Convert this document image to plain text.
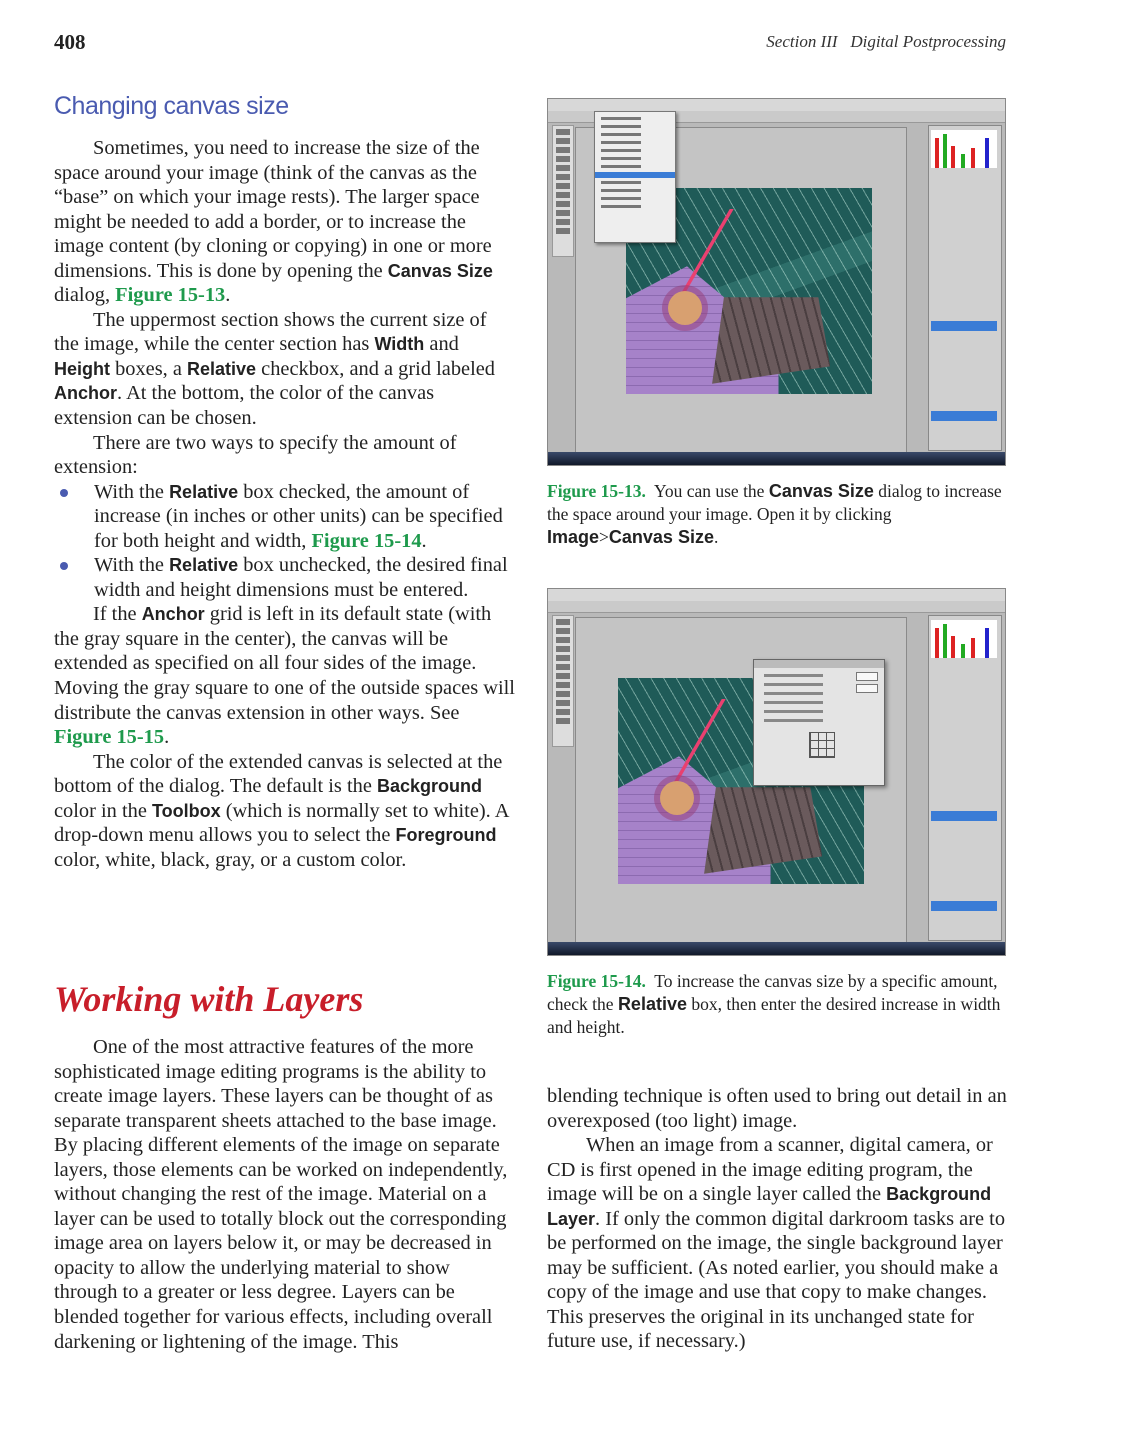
408	Section III   Digital Postprocessing
Changing canvas size

Sometimes, you need to increase the size of the space around your image (think of the canvas as the “base” on which your image rests). The larger space might be needed to add a border, or to increase the image content (by cloning or copying) in one or more dimensions. This is done by opening the Canvas Size dialog, Figure 15-13.

The uppermost section shows the current size of the image, while the center section has Width and Height boxes, a Relative checkbox, and a grid labeled Anchor. At the bottom, the color of the canvas extension can be chosen.

There are two ways to specify the amount of extension:

With the Relative box checked, the amount of increase (in inches or other units) can be specified for both height and width, Figure 15-14.
With the Relative box unchecked, the desired final width and height dimensions must be entered.

If the Anchor grid is left in its default state (with the gray square in the center), the canvas will be extended as specified on all four sides of the image. Moving the gray square to one of the outside spaces will distribute the canvas extension in other ways. See Figure 15-15.

The color of the extended canvas is selected at the bottom of the dialog. The default is the Background color in the Toolbox (which is normally set to white). A drop-down menu allows you to select the Foreground color, white, black, gray, or a custom color.

Working with Layers

One of the most attractive features of the more sophisticated image editing programs is the ability to create image layers. These layers can be thought of as separate transparent sheets attached to the base image. By placing different elements of the image on separate layers, those elements can be worked on independently, without changing the rest of the image. Material on a layer can be used to totally block out the corresponding image area on layers below it, or may be decreased in opacity to allow the underlying material to show through to a greater or less degree. Layers can be blended together for various effects, including overall darkening or lightening of the image. This

Figure 15-13.  You can use the Canvas Size dialog to increase the space around your image. Open it by clicking Image>Canvas Size.
Figure 15-14.  To increase the canvas size by a specific amount, check the Relative box, then enter the desired increase in width and height.

blending technique is often used to bring out detail in an overexposed (too light) image.

When an image from a scanner, digital camera, or CD is first opened in the image editing program, the image will be on a single layer called the Background Layer. If only the common digital darkroom tasks are to be performed on the image, the single background layer may be sufficient. (As noted earlier, you should make a copy of the image and use that copy to make changes. This preserves the original in its unchanged state for future use, if necessary.)
